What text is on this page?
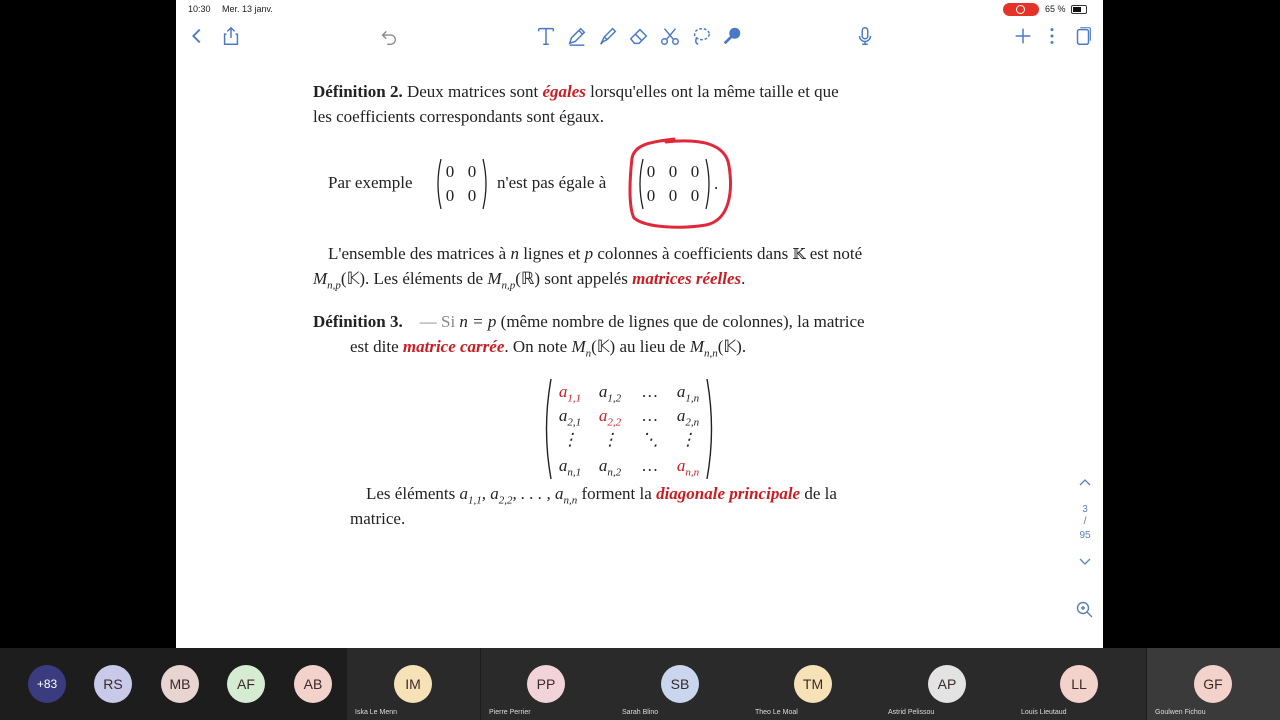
10:30 Mer. 13 janv.	65 %
Définition 2. Deux matrices sont égales lorsqu'elles ont la même taille et que
les coefficients correspondants sont égaux.
Par exemple
0 0
0 0
n'est pas égale à
0 0 0
0 0 0
.
L'ensemble des matrices à n lignes et p colonnes à coefficients dans 𝕂 est noté
$M_{n,p}(𝕂)$. Les éléments de $M_{n,p}(ℝ)$ sont appelés matrices réelles.
Définition 3. — Si n = p (même nombre de lignes que de colonnes), la matrice
est dite matrice carrée. On note $M_n(𝕂)$ au lieu de $M_{n,n}(𝕂)$.
$a_{1,1}$	$a_{1,2}$	…	$a_{1,n}$
$a_{2,1}$	$a_{2,2}$	…	$a_{2,n}$
⋮	⋮	⋱	⋮
$a_{n,1}$	$a_{n,2}$	…	$a_{n,n}$
Les éléments $a_{1,1}$, $a_{2,2}$, . . . , $a_{n,n}$ forment la diagonale principale de la
matrice.	3
/
95
+83	RS	MB	AF	AB	IM
Iska Le Menn
PP
Pierre Perrier
SB
Sarah Blino
TM
Theo Le Moal
AP
Astrid Pelissou
LL
Louis Lieutaud
GF
Goulwen Fichou
